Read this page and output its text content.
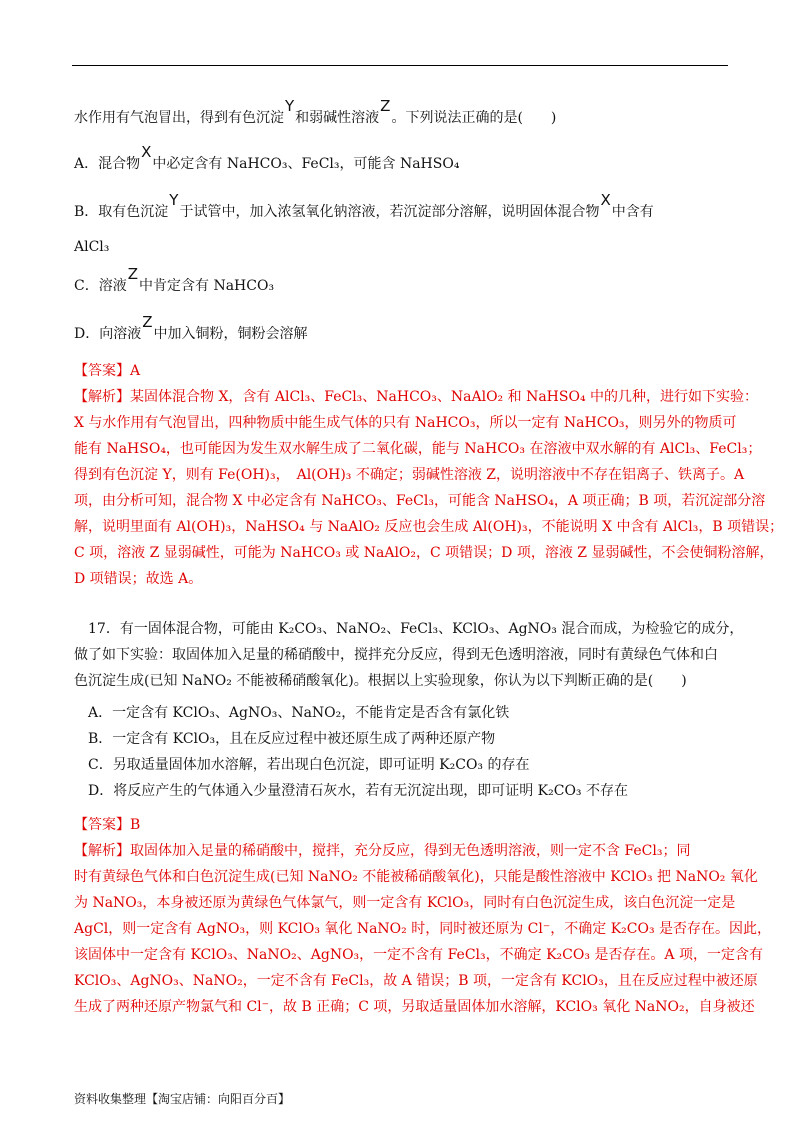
水作用有气泡冒出，得到有色沉淀Y和弱碱性溶液Z。下列说法正确的是(　　)
A．混合物X中必定含有 NaHCO₃、FeCl₃，可能含 NaHSO₄
B．取有色沉淀Y于试管中，加入浓氢氧化钠溶液，若沉淀部分溶解，说明固体混合物X中含有
AlCl₃
C．溶液Z中肯定含有 NaHCO₃
D．向溶液Z中加入铜粉，铜粉会溶解
【答案】A
【解析】某固体混合物 X，含有 AlCl₃、FeCl₃、NaHCO₃、NaAlO₂ 和 NaHSO₄ 中的几种，进行如下实验：
X 与水作用有气泡冒出，四种物质中能生成气体的只有 NaHCO₃，所以一定有 NaHCO₃，则另外的物质可
能有 NaHSO₄，也可能因为发生双水解生成了二氧化碳，能与 NaHCO₃ 在溶液中双水解的有 AlCl₃、FeCl₃；
得到有色沉淀 Y，则有 Fe(OH)₃，　Al(OH)₃ 不确定；弱碱性溶液 Z，说明溶液中不存在铝离子、铁离子。A
项，由分析可知，混合物 X 中必定含有 NaHCO₃、FeCl₃，可能含 NaHSO₄，A 项正确；B 项，若沉淀部分溶
解，说明里面有 Al(OH)₃，NaHSO₄ 与 NaAlO₂ 反应也会生成 Al(OH)₃，不能说明 X 中含有 AlCl₃，B 项错误；
C 项，溶液 Z 显弱碱性，可能为 NaHCO₃ 或 NaAlO₂，C 项错误；D 项，溶液 Z 显弱碱性，不会使铜粉溶解，
D 项错误；故选 A。
　17．有一固体混合物，可能由 K₂CO₃、NaNO₂、FeCl₃、KClO₃、AgNO₃ 混合而成，为检验它的成分，
做了如下实验：取固体加入足量的稀硝酸中，搅拌充分反应，得到无色透明溶液，同时有黄绿色气体和白
色沉淀生成(已知 NaNO₂ 不能被稀硝酸氧化)。根据以上实验现象，你认为以下判断正确的是(　　)
　A．一定含有 KClO₃、AgNO₃、NaNO₂，不能肯定是否含有氯化铁
　B．一定含有 KClO₃，且在反应过程中被还原生成了两种还原产物
　C．另取适量固体加水溶解，若出现白色沉淀，即可证明 K₂CO₃ 的存在
　D．将反应产生的气体通入少量澄清石灰水，若有无沉淀出现，即可证明 K₂CO₃ 不存在
【答案】B
【解析】取固体加入足量的稀硝酸中，搅拌，充分反应，得到无色透明溶液，则一定不含 FeCl₃；同
时有黄绿色气体和白色沉淀生成(已知 NaNO₂ 不能被稀硝酸氧化)，只能是酸性溶液中 KClO₃ 把 NaNO₂ 氧化
为 NaNO₃，本身被还原为黄绿色气体氯气，则一定含有 KClO₃，同时有白色沉淀生成，该白色沉淀一定是
AgCl，则一定含有 AgNO₃，则 KClO₃ 氧化 NaNO₂ 时，同时被还原为 Cl⁻，不确定 K₂CO₃ 是否存在。因此，
该固体中一定含有 KClO₃、NaNO₂、AgNO₃，一定不含有 FeCl₃，不确定 K₂CO₃ 是否存在。A 项，一定含有
KClO₃、AgNO₃、NaNO₂，一定不含有 FeCl₃，故 A 错误；B 项，一定含有 KClO₃，且在反应过程中被还原
生成了两种还原产物氯气和 Cl⁻，故 B 正确；C 项，另取适量固体加水溶解，KClO₃ 氧化 NaNO₂，自身被还
资料收集整理【淘宝店铺：向阳百分百】
